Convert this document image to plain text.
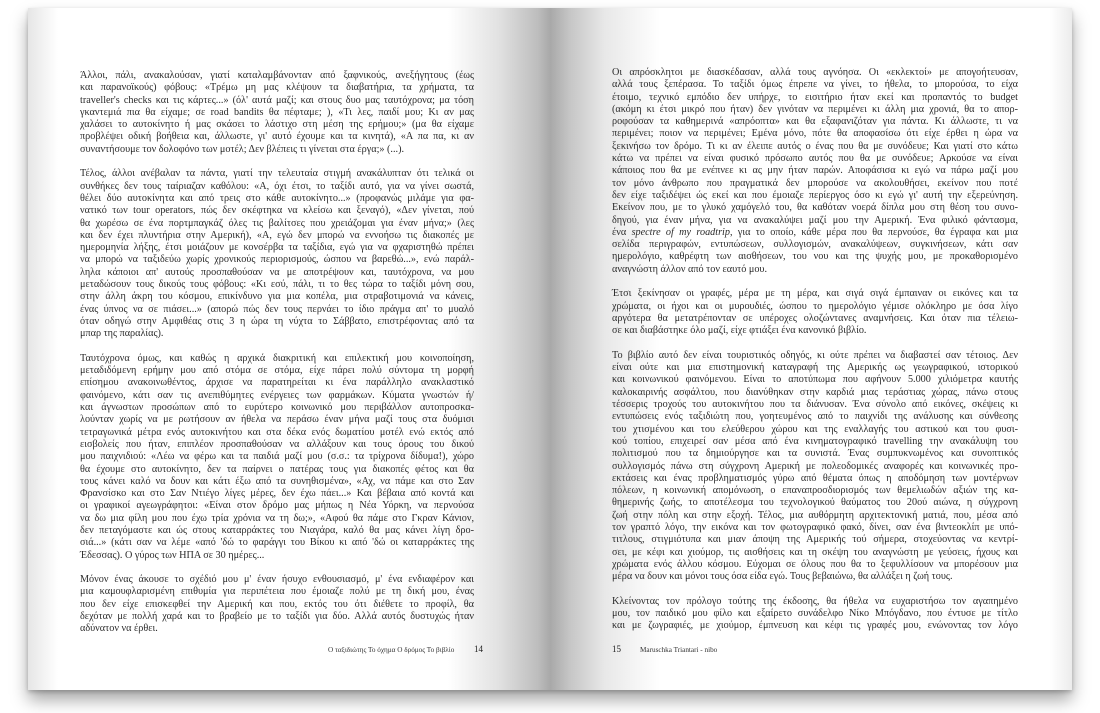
Άλλοι, πάλι, ανακαλούσαν, γιατί καταλαμβάνονταν από ξαφνικούς, ανεξήγητους (έως
και παρανοϊκούς) φόβους: «Τρέμω μη μας κλέψουν τα διαβατήρια, τα χρήματα, τα
traveller's checks και τις κάρτες...» (όλ' αυτά μαζί; και στους δυο μας ταυτόχρονα; μα τόση
γκαντεμιά πια θα είχαμε; σε road bandits θα πέφταμε; ), «Τι λες, παιδί μου; Κι αν μας
χαλάσει το αυτοκίνητο ή μας σκάσει το λάστιχο στη μέση της ερήμου;» (μα θα είχαμε
προβλέψει οδική βοήθεια και, άλλωστε, γι' αυτό έχουμε και τα κινητά), «Α πα πα, κι αν
συναντήσουμε τον δολοφόνο των μοτέλ; Δεν βλέπεις τι γίνεται στα έργα;» (...).
Τέλος, άλλοι ανέβαλαν τα πάντα, γιατί την τελευταία στιγμή ανακάλυπταν ότι τελικά οι
συνθήκες δεν τους ταίριαζαν καθόλου: «Α, όχι έτσι, το ταξίδι αυτό, για να γίνει σωστά,
θέλει δύο αυτοκίνητα και από τρεις στο κάθε αυτοκίνητο...» (προφανώς μιλάμε για φα-
νατικό των tour operators, πώς δεν σκέφτηκα να κλείσω και ξεναγό), «Δεν γίνεται, πού
θα χωρέσω σε ένα πορτμπαγκάζ όλες τις βαλίτσες που χρειάζομαι για έναν μήνα;» (λες
και δεν έχει πλυντήρια στην Αμερική), «Α, εγώ δεν μπορώ να εννοήσω τις διακοπές με
ημερομηνία λήξης, έτσι μοιάζουν με κονσέρβα τα ταξίδια, εγώ για να φχαριστηθώ πρέπει
να μπορώ να ταξιδεύω χωρίς χρονικούς περιορισμούς, ώσπου να βαρεθώ...», ενώ παράλ-
ληλα κάποιοι απ' αυτούς προσπαθούσαν να με αποτρέψουν και, ταυτόχρονα, να μου
μεταδώσουν τους δικούς τους φόβους: «Κι εσύ, πάλι, τι το θες τώρα το ταξίδι μόνη σου,
στην άλλη άκρη του κόσμου, επικίνδυνο για μια κοπέλα, μια στραβοτιμονιά να κάνεις,
ένας ύπνος να σε πιάσει...» (απορώ πώς δεν τους περνάει το ίδιο πράγμα απ' το μυαλό
όταν οδηγώ στην Αμφιθέας στις 3 η ώρα τη νύχτα το Σάββατο, επιστρέφοντας από τα
μπαρ της παραλίας).
Ταυτόχρονα όμως, και καθώς η αρχικά διακριτική και επιλεκτική μου κοινοποίηση,
μεταδιδόμενη ερήμην μου από στόμα σε στόμα, είχε πάρει πολύ σύντομα τη μορφή
επίσημου ανακοινωθέντος, άρχισε να παρατηρείται κι ένα παράλληλο ανακλαστικό
φαινόμενο, κάτι σαν τις ανεπιθύμητες ενέργειες των φαρμάκων. Κύματα γνωστών ή/
και άγνωστων προσώπων από το ευρύτερο κοινωνικό μου περιβάλλον αυτοπροσκα-
λούνταν χωρίς να με ρωτήσουν αν ήθελα να περάσω έναν μήνα μαζί τους στα δυόμισι
τετραγωνικά μέτρα ενός αυτοκινήτου και στα δέκα ενός δωματίου μοτέλ ενώ εκτός από
εισβολείς που ήταν, επιπλέον προσπαθούσαν να αλλάξουν και τους όρους του δικού
μου παιχνιδιού: «Λέω να φέρω και τα παιδιά μαζί μου (σ.σ.: τα τρίχρονα δίδυμα!), χώρο
θα έχουμε στο αυτοκίνητο, δεν τα παίρνει ο πατέρας τους για διακοπές φέτος και θα
τους κάνει καλό να δουν και κάτι έξω από τα συνηθισμένα», «Αχ, να πάμε και στο Σαν
Φρανσίσκο και στο Σαν Ντιέγο λίγες μέρες, δεν έχω πάει...» Και βέβαια από κοντά και
οι γραφικοί αγεωγράφητοι: «Είναι στον δρόμο μας μήπως η Νέα Υόρκη, να περνούσα
να δω μια φίλη μου που έχω τρία χρόνια να τη δω;», «Αφού θα πάμε στο Γκραν Κάνιον,
δεν πεταγόμαστε και ώς στους καταρράκτες του Νιαγάρα, καλό θα μας κάνει λίγη δρο-
σιά...» (κάτι σαν να λέμε «από 'δώ το φαράγγι του Βίκου κι από 'δώ οι καταρράκτες της
Έδεσσας). Ο γύρος των ΗΠΑ σε 30 ημέρες...
Μόνον ένας άκουσε το σχέδιό μου μ' έναν ήσυχο ενθουσιασμό, μ' ένα ενδιαφέρον και
μια καμουφλαρισμένη επιθυμία για περιπέτεια που έμοιαζε πολύ με τη δική μου, ένας
που δεν είχε επισκεφθεί την Αμερική και που, εκτός του ότι διέθετε το προφίλ, θα
δεχόταν με πολλή χαρά και το βραβείο με το ταξίδι για δύο. Αλλά αυτός δυστυχώς ήταν
αδύνατον να έρθει.
Ο ταξιδιώτης Το όχημα Ο δρόμος Το βιβλίο 14
Οι απρόσκλητοι με διασκέδασαν, αλλά τους αγνόησα. Οι «εκλεκτοί» με απογοήτευσαν,
αλλά τους ξεπέρασα. Το ταξίδι όμως έπρεπε να γίνει, το ήθελα, το μπορούσα, το είχα
έτοιμο, τεχνικό εμπόδιο δεν υπήρχε, το εισιτήριο ήταν εκεί και προπαντός το budget
(ακόμη κι έτσι μικρό που ήταν) δεν γινόταν να περιμένει κι άλλη μια χρονιά, θα το απορ-
ροφούσαν τα καθημερινά «απρόοπτα» και θα εξαφανιζόταν για πάντα. Κι άλλωστε, τι να
περιμένει; ποιον να περιμένει; Εμένα μόνο, πότε θα αποφασίσω ότι είχε έρθει η ώρα να
ξεκινήσω τον δρόμο. Τι κι αν έλειπε αυτός ο ένας που θα με συνόδευε; Και γιατί στο κάτω
κάτω να πρέπει να είναι φυσικό πρόσωπο αυτός που θα με συνόδευε; Αρκούσε να είναι
κάποιος που θα με ενέπνεε κι ας μην ήταν παρών. Αποφάσισα κι εγώ να πάρω μαζί μου
τον μόνο άνθρωπο που πραγματικά δεν μπορούσε να ακολουθήσει, εκείνον που ποτέ
δεν είχε ταξιδέψει ώς εκεί και που έμοιαζε περίεργος όσο κι εγώ γι' αυτή την εξερεύνηση.
Εκείνον που, με το γλυκό χαμόγελό του, θα καθόταν νοερά δίπλα μου στη θέση του συνο-
δηγού, για έναν μήνα, για να ανακαλύψει μαζί μου την Αμερική. Ένα φιλικό φάντασμα,
ένα spectre of my roadtrip, για το οποίο, κάθε μέρα που θα περνούσε, θα έγραφα και μια
σελίδα περιγραφών, εντυπώσεων, συλλογισμών, ανακαλύψεων, συγκινήσεων, κάτι σαν
ημερολόγιο, καθρέφτη των αισθήσεων, του νου και της ψυχής μου, με προκαθορισμένο
αναγνώστη άλλον από τον εαυτό μου.
Έτσι ξεκίνησαν οι γραφές, μέρα με τη μέρα, και σιγά σιγά έμπαιναν οι εικόνες και τα
χρώματα, οι ήχοι και οι μυρουδιές, ώσπου το ημερολόγιο γέμισε ολόκληρο με όσα λίγο
αργότερα θα μετατρέπονταν σε υπέροχες ολοζώντανες αναμνήσεις. Και όταν πια τέλειω-
σε και διαβάστηκε όλο μαζί, είχε φτιάξει ένα κανονικό βιβλίο.
Το βιβλίο αυτό δεν είναι τουριστικός οδηγός, κι ούτε πρέπει να διαβαστεί σαν τέτοιος. Δεν
είναι ούτε και μια επιστημονική καταγραφή της Αμερικής ως γεωγραφικού, ιστορικού
και κοινωνικού φαινόμενου. Είναι το αποτύπωμα που αφήνουν 5.000 χιλιόμετρα καυτής
καλοκαιρινής ασφάλτου, που διανύθηκαν στην καρδιά μιας τεράστιας χώρας, πάνω στους
τέσσερις τροχούς του αυτοκινήτου που τα διάνυσαν. Ένα σύνολο από εικόνες, σκέψεις κι
εντυπώσεις ενός ταξιδιώτη που, γοητευμένος από το παιχνίδι της ανάλυσης και σύνθεσης
του χτισμένου και του ελεύθερου χώρου και της εναλλαγής του αστικού και του φυσι-
κού τοπίου, επιχειρεί σαν μέσα από ένα κινηματογραφικό travelling την ανακάλυψη του
πολιτισμού που τα δημιούργησε και τα συνιστά. Ένας συμπυκνωμένος και συνοπτικός
συλλογισμός πάνω στη σύγχρονη Αμερική με πολεοδομικές αναφορές και κοινωνικές προ-
εκτάσεις και ένας προβληματισμός γύρω από θέματα όπως η αποδόμηση των μοντέρνων
πόλεων, η κοινωνική απομόνωση, ο επαναπροσδιορισμός των θεμελιωδών αξιών της κα-
θημερινής ζωής, το αποτέλεσμα του τεχνολογικού θαύματος του 20ού αιώνα, η σύγχρονη
ζωή στην πόλη και στην εξοχή. Τέλος, μια αυθόρμητη αρχιτεκτονική ματιά, που, μέσα από
τον γραπτό λόγο, την εικόνα και τον φωτογραφικό φακό, δίνει, σαν ένα βιντεοκλίπ με υπό-
τιτλους, στιγμιότυπα και μιαν άποψη της Αμερικής τού σήμερα, στοχεύοντας να κεντρί-
σει, με κέφι και χιούμορ, τις αισθήσεις και τη σκέψη του αναγνώστη με γεύσεις, ήχους και
χρώματα ενός άλλου κόσμου. Εύχομαι σε όλους που θα το ξεφυλλίσουν να μπορέσουν μια
μέρα να δουν και μόνοι τους όσα είδα εγώ. Τους βεβαιώνω, θα αλλάξει η ζωή τους.
Κλείνοντας τον πρόλογο τούτης της έκδοσης, θα ήθελα να ευχαριστήσω τον αγαπημένο
μου, τον παιδικό μου φίλο και εξαίρετο συνάδελφο Νίκο Μπόγδανο, που έντυσε με τίτλο
και με ζωγραφιές, με χιούμορ, έμπνευση και κέφι τις γραφές μου, ενώνοντας τον λόγο
15	Maruschka Triantari - nibo
